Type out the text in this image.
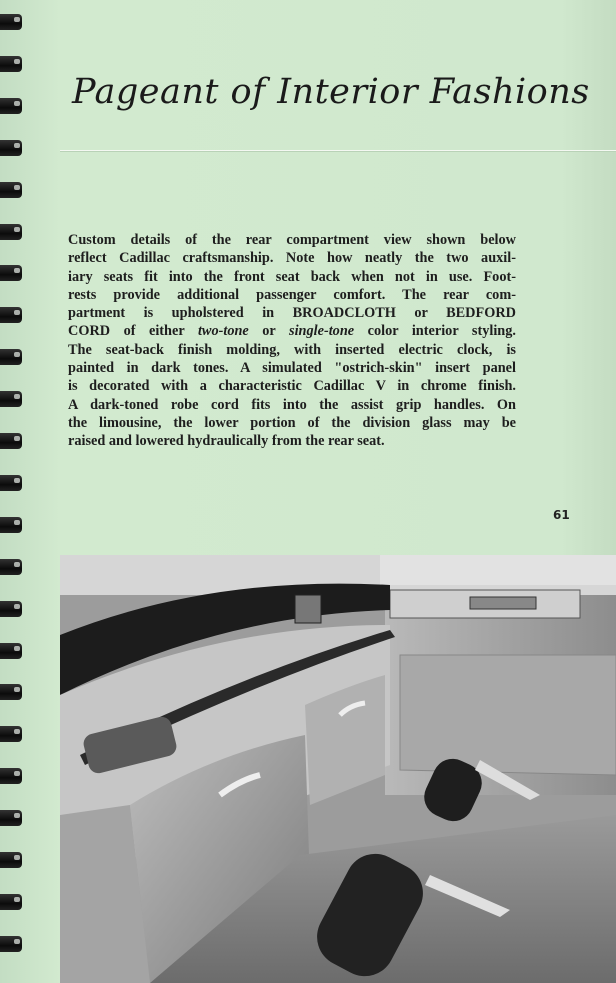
Pageant of Interior Fashions
Custom details of the rear compartment view shown below
reflect Cadillac craftsmanship. Note how neatly the two auxil-
iary seats fit into the front seat back when not in use. Foot-
rests provide additional passenger comfort. The rear com-
partment is upholstered in BROADCLOTH or BEDFORD
CORD of either two-tone or single-tone color interior styling.
The seat-back finish molding, with inserted electric clock, is
painted in dark tones. A simulated "ostrich-skin" insert panel
is decorated with a characteristic Cadillac V in chrome finish.
A dark-toned robe cord fits into the assist grip handles. On
the limousine, the lower portion of the division glass may be
raised and lowered hydraulically from the rear seat.
61
